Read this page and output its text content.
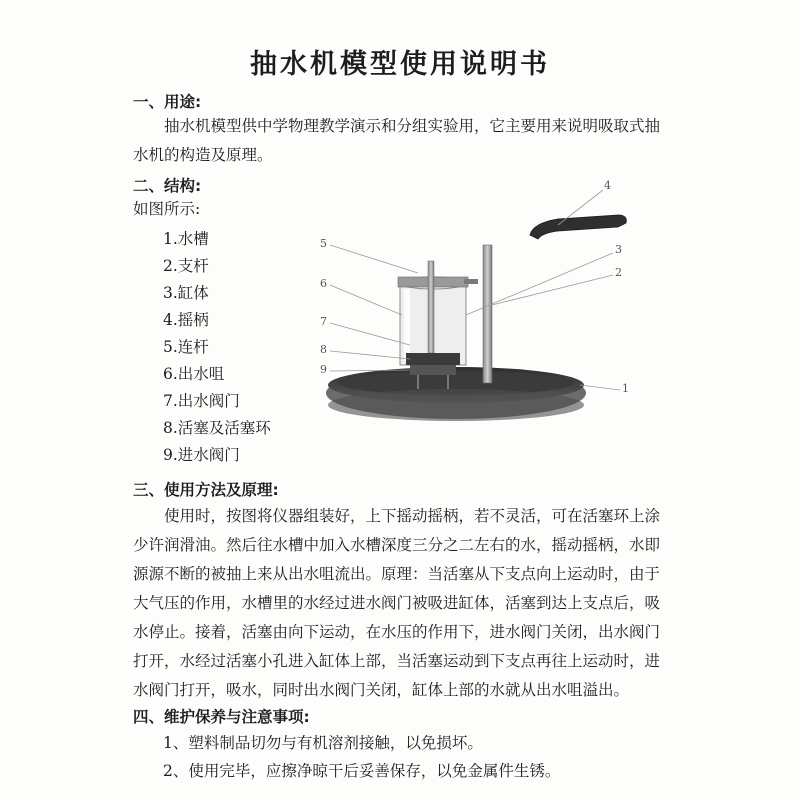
抽水机模型使用说明书
一、用途:
抽水机模型供中学物理教学演示和分组实验用，它主要用来说明吸取式抽
水机的构造及原理。
二、结构:
如图所示:
1.水槽
2.支杆
3.缸体
4.摇柄
5.连杆
6.出水咀
7.出水阀门
8.活塞及活塞环
9.进水阀门
4
3
2
1
5
6
7
8
9
三、使用方法及原理:
使用时，按图将仪器组装好，上下摇动摇柄，若不灵活，可在活塞环上涂
少许润滑油。然后往水槽中加入水槽深度三分之二左右的水，摇动摇柄，水即
源源不断的被抽上来从出水咀流出。原理：当活塞从下支点向上运动时，由于
大气压的作用，水槽里的水经过进水阀门被吸进缸体，活塞到达上支点后，吸
水停止。接着，活塞由向下运动，在水压的作用下，进水阀门关闭，出水阀门
打开，水经过活塞小孔进入缸体上部，当活塞运动到下支点再往上运动时，进
水阀门打开，吸水，同时出水阀门关闭，缸体上部的水就从出水咀溢出。
四、维护保养与注意事项:
1、塑料制品切勿与有机溶剂接触，以免损坏。
2、使用完毕，应擦净晾干后妥善保存，以免金属件生锈。
